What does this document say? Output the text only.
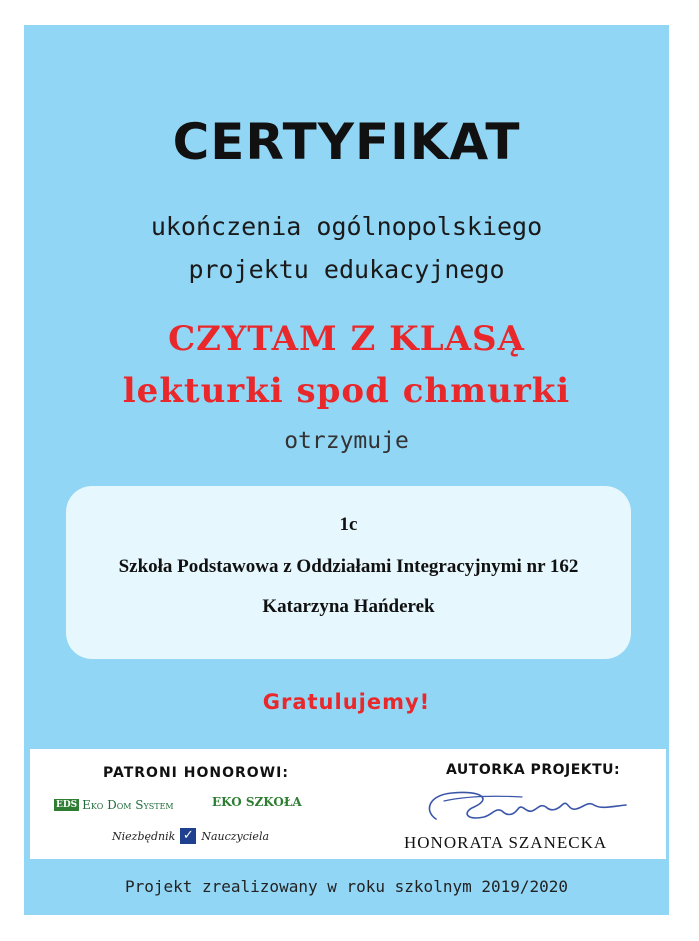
CERTYFIKAT
ukończenia ogólnopolskiego
projektu edukacyjnego
CZYTAM Z KLASĄ
lekturki spod chmurki
otrzymuje
1c
Szkoła Podstawowa z Oddziałami Integracyjnymi nr 162
Katarzyna Hańderek
Gratulujemy!
PATRONI HONOROWI:
EDS Eko Dom System	EKO SZKOŁA
Niezbędnik ✓ Nauczyciela
AUTORKA PROJEKTU:
HONORATA SZANECKA
Projekt zrealizowany w roku szkolnym 2019/2020
